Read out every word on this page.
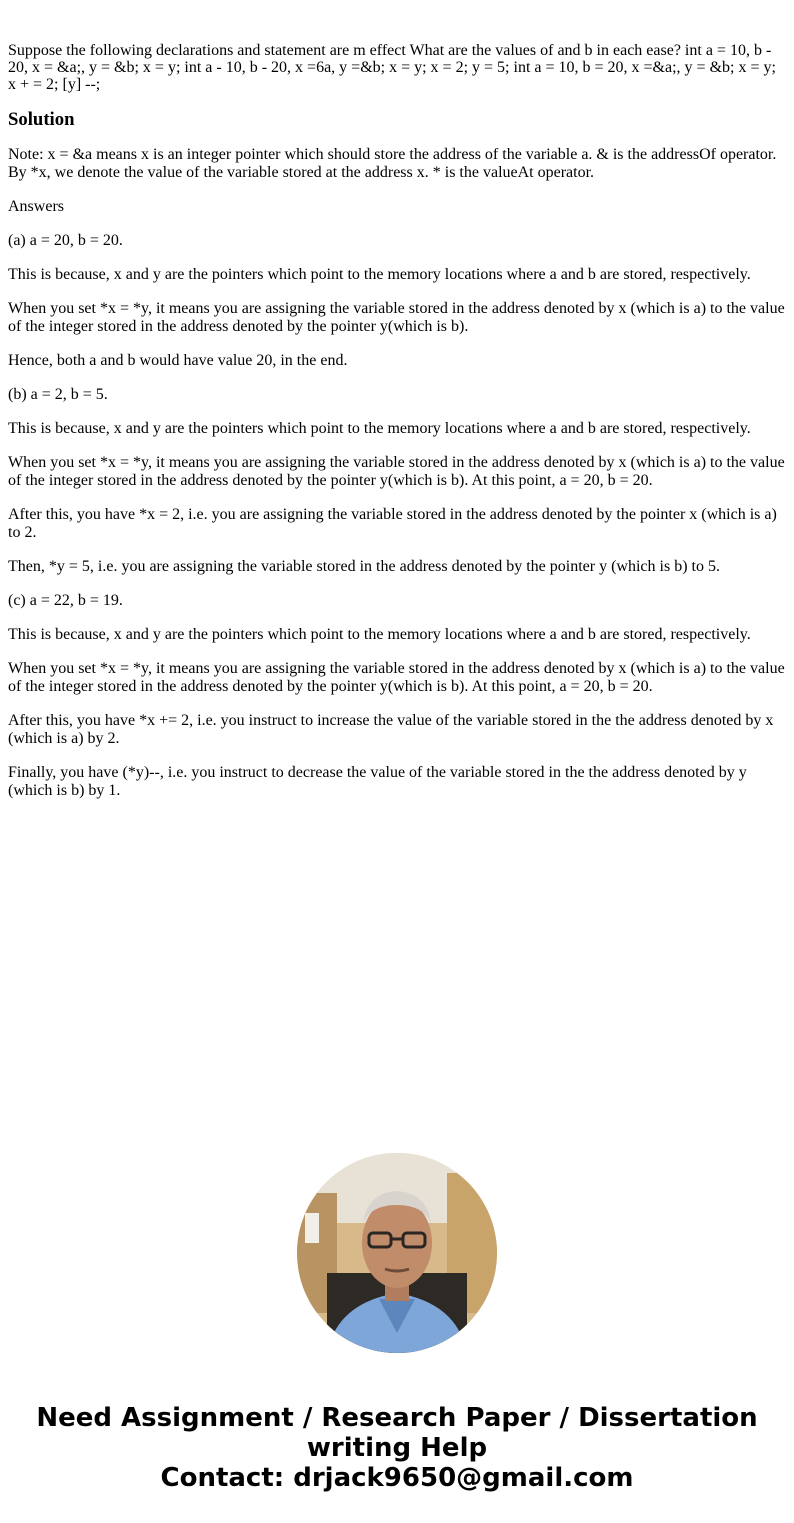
Suppose the following declarations and statement are m effect What are the values of and b in each ease? int a = 10, b - 20, x = &a;, y = &b; x = y; int a - 10, b - 20, x =6a, y =&b; x = y; x = 2; y = 5; int a = 10, b = 20, x =&a;, y = &b; x = y; x + = 2; [y] --;

Solution

Note: x = &a means x is an integer pointer which should store the address of the variable a. & is the addressOf operator. By *x, we denote the value of the variable stored at the address x. * is the valueAt operator.

Answers

(a) a = 20, b = 20.

This is because, x and y are the pointers which point to the memory locations where a and b are stored, respectively.

When you set *x = *y, it means you are assigning the variable stored in the address denoted by x (which is a) to the value of the integer stored in the address denoted by the pointer y(which is b).

Hence, both a and b would have value 20, in the end.

(b) a = 2, b = 5.

This is because, x and y are the pointers which point to the memory locations where a and b are stored, respectively.

When you set *x = *y, it means you are assigning the variable stored in the address denoted by x (which is a) to the value of the integer stored in the address denoted by the pointer y(which is b). At this point, a = 20, b = 20.

After this, you have *x = 2, i.e. you are assigning the variable stored in the address denoted by the pointer x (which is a) to 2.

Then, *y = 5, i.e. you are assigning the variable stored in the address denoted by the pointer y (which is b) to 5.

(c) a = 22, b = 19.

This is because, x and y are the pointers which point to the memory locations where a and b are stored, respectively.

When you set *x = *y, it means you are assigning the variable stored in the address denoted by x (which is a) to the value of the integer stored in the address denoted by the pointer y(which is b). At this point, a = 20, b = 20.

After this, you have *x += 2, i.e. you instruct to increase the value of the variable stored in the the address denoted by x (which is a) by 2.

Finally, you have (*y)--, i.e. you instruct to decrease the value of the variable stored in the the address denoted by y (which is b) by 1.

Need Assignment / Research Paper / Dissertation
writing Help
Contact: drjack9650@gmail.com
